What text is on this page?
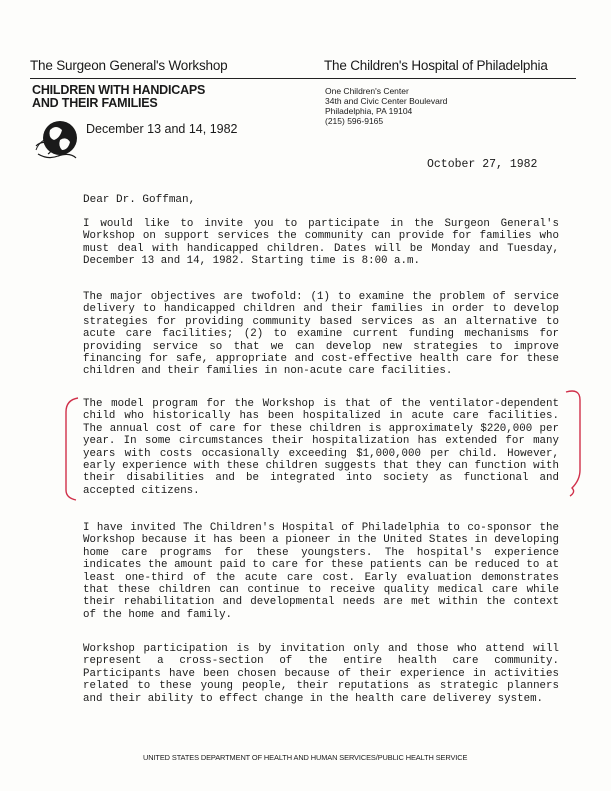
The Surgeon General's Workshop	The Children's Hospital of Philadelphia
CHILDREN WITH HANDICAPS
AND THEIR FAMILIES
One Children's Center
34th and Civic Center Boulevard
Philadelphia, PA 19104
(215) 596-9165
December 13 and 14, 1982
October 27, 1982
Dear Dr. Goffman,
I would like to invite you to participate in the Surgeon General's Workshop on support services the community can provide for families who must deal with handicapped children. Dates will be Monday and Tuesday, December 13 and 14, 1982. Starting time is 8:00 a.m.
The major objectives are twofold: (1) to examine the problem of service delivery to handicapped children and their families in order to develop strategies for providing community based services as an alternative to acute care facilities; (2) to examine current funding mechanisms for providing service so that we can develop new strategies to improve financing for safe, appropriate and cost-effective health care for these children and their families in non-acute care facilities.
The model program for the Workshop is that of the ventilator-dependent child who historically has been hospitalized in acute care facilities. The annual cost of care for these children is approximately $220,000 per year. In some circumstances their hospitalization has extended for many years with costs occasionally exceeding $1,000,000 per child. However, early experience with these children suggests that they can function with their disabilities and be integrated into society as functional and accepted citizens.
I have invited The Children's Hospital of Philadelphia to co-sponsor the Workshop because it has been a pioneer in the United States in developing home care programs for these youngsters. The hospital's experience indicates the amount paid to care for these patients can be reduced to at least one-third of the acute care cost. Early evaluation demonstrates that these children can continue to receive quality medical care while their rehabilitation and developmental needs are met within the context of the home and family.
Workshop participation is by invitation only and those who attend will represent a cross-section of the entire health care community. Participants have been chosen because of their experience in activities related to these young people, their reputations as strategic planners and their ability to effect change in the health care deliverey system.
UNITED STATES DEPARTMENT OF HEALTH AND HUMAN SERVICES/PUBLIC HEALTH SERVICE
